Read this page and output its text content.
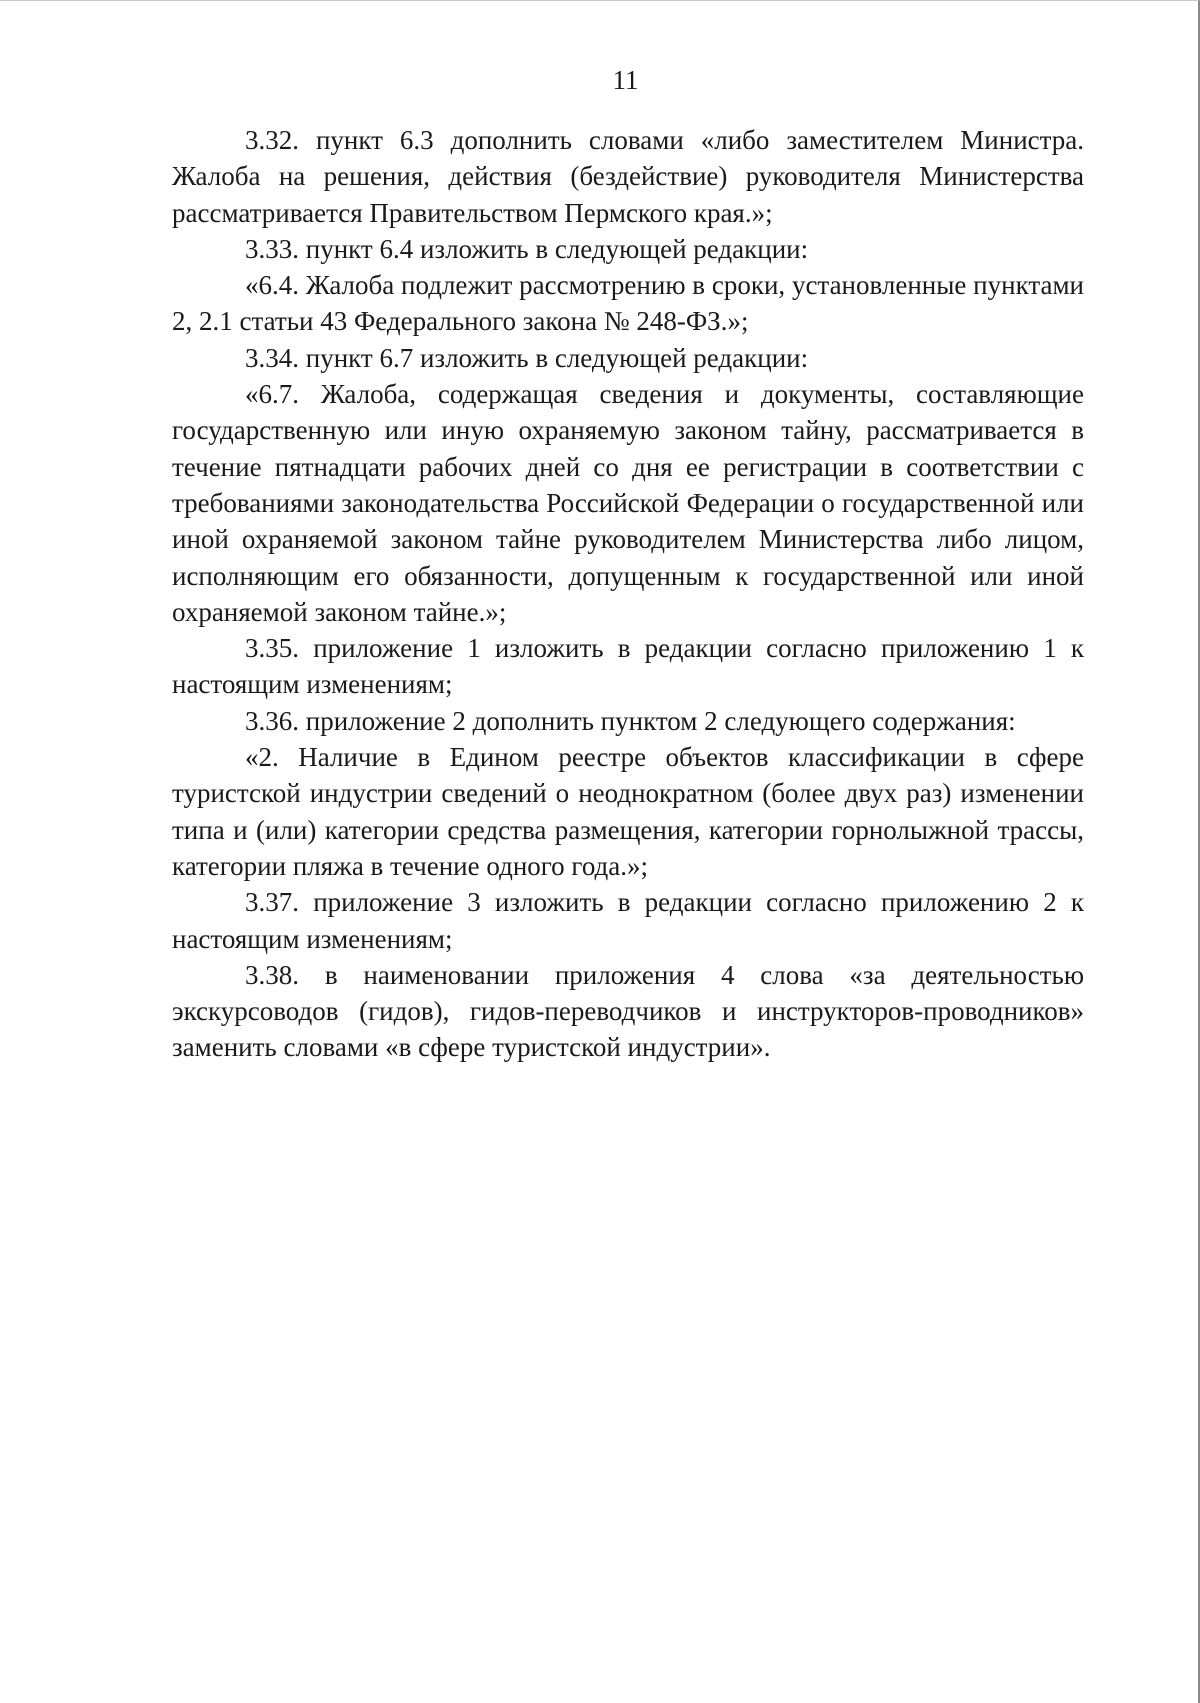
11

3.32. пункт 6.3 дополнить словами «либо заместителем Министра. Жалоба на решения, действия (бездействие) руководителя Министерства рассматривается Правительством Пермского края.»;

3.33. пункт 6.4 изложить в следующей редакции:

«6.4. Жалоба подлежит рассмотрению в сроки, установленные пунктами 2, 2.1 статьи 43 Федерального закона № 248-ФЗ.»;

3.34. пункт 6.7 изложить в следующей редакции:

«6.7. Жалоба, содержащая сведения и документы, составляющие государственную или иную охраняемую законом тайну, рассматривается в течение пятнадцати рабочих дней со дня ее регистрации в соответствии с требованиями законодательства Российской Федерации о государственной или иной охраняемой законом тайне руководителем Министерства либо лицом, исполняющим его обязанности, допущенным к государственной или иной охраняемой законом тайне.»;

3.35. приложение 1 изложить в редакции согласно приложению 1 к настоящим изменениям;

3.36. приложение 2 дополнить пунктом 2 следующего содержания:

«2. Наличие в Едином реестре объектов классификации в сфере туристской индустрии сведений о неоднократном (более двух раз) изменении типа и (или) категории средства размещения, категории горнолыжной трассы, категории пляжа в течение одного года.»;

3.37. приложение 3 изложить в редакции согласно приложению 2 к настоящим изменениям;

3.38. в наименовании приложения 4 слова «за деятельностью экскурсоводов (гидов), гидов-переводчиков и инструкторов-проводников» заменить словами «в сфере туристской индустрии».
